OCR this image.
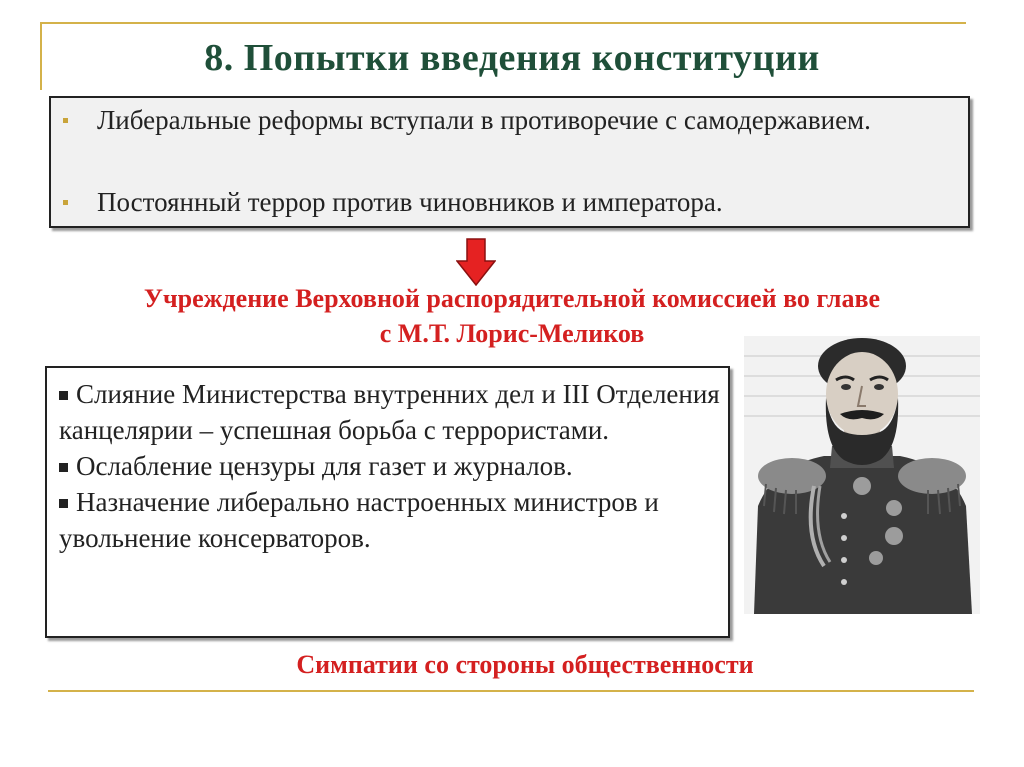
8. Попытки введения конституции
Либеральные реформы вступали в противоречие с самодержавием.
Постоянный террор против чиновников и императора.
Учреждение Верховной распорядительной комиссией во главе
с М.Т. Лорис-Меликов

Слияние Министерства внутренних дел и III Отделения канцелярии – успешная борьба с террористами.

Ослабление цензуры для газет и журналов.

Назначение либерально настроенных министров и увольнение консерваторов.

Симпатии со стороны общественности
